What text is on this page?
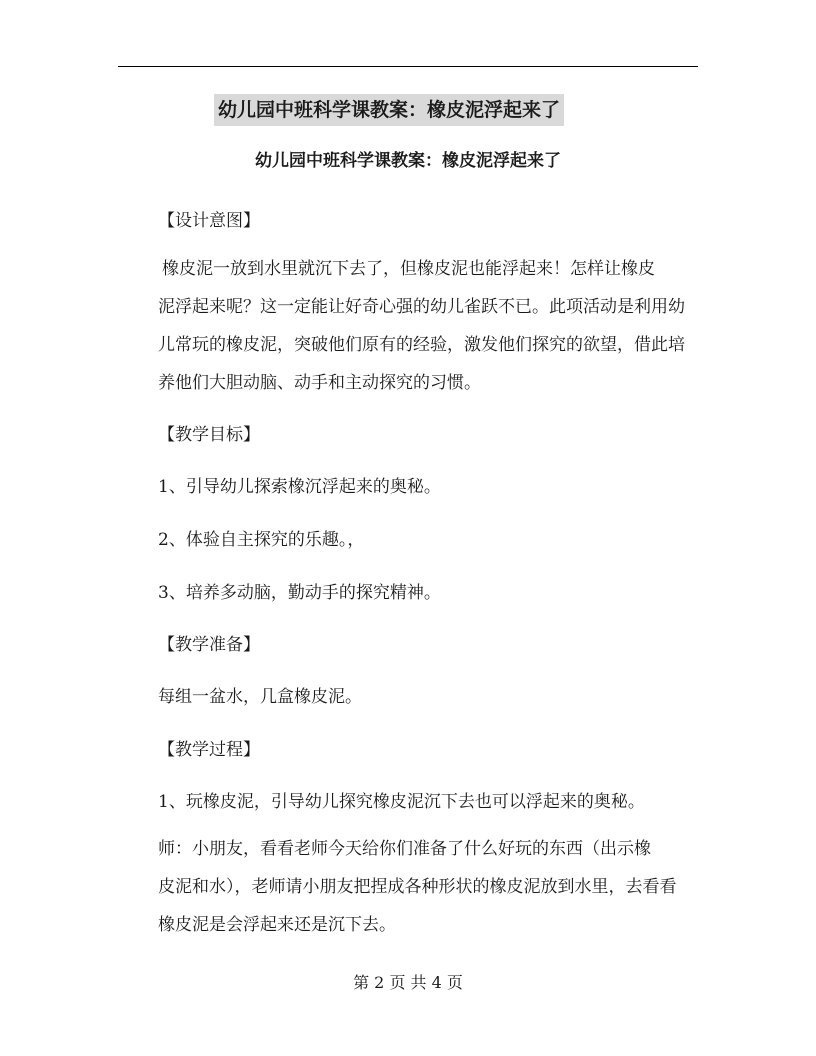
幼儿园中班科学课教案：橡皮泥浮起来了
幼儿园中班科学课教案：橡皮泥浮起来了
【设计意图】
橡皮泥一放到水里就沉下去了，但橡皮泥也能浮起来！怎样让橡皮
泥浮起来呢？这一定能让好奇心强的幼儿雀跃不已。此项活动是利用幼
儿常玩的橡皮泥，突破他们原有的经验，激发他们探究的欲望，借此培
养他们大胆动脑、动手和主动探究的习惯。
【教学目标】
1、引导幼儿探索橡沉浮起来的奥秘。
2、体验自主探究的乐趣。，
3、培养多动脑，勤动手的探究精神。
【教学准备】
每组一盆水，几盒橡皮泥。
【教学过程】
1、玩橡皮泥，引导幼儿探究橡皮泥沉下去也可以浮起来的奥秘。
师：小朋友，看看老师今天给你们准备了什么好玩的东西（出示橡
皮泥和水），老师请小朋友把捏成各种形状的橡皮泥放到水里，去看看
橡皮泥是会浮起来还是沉下去。
第 2 页 共 4 页
